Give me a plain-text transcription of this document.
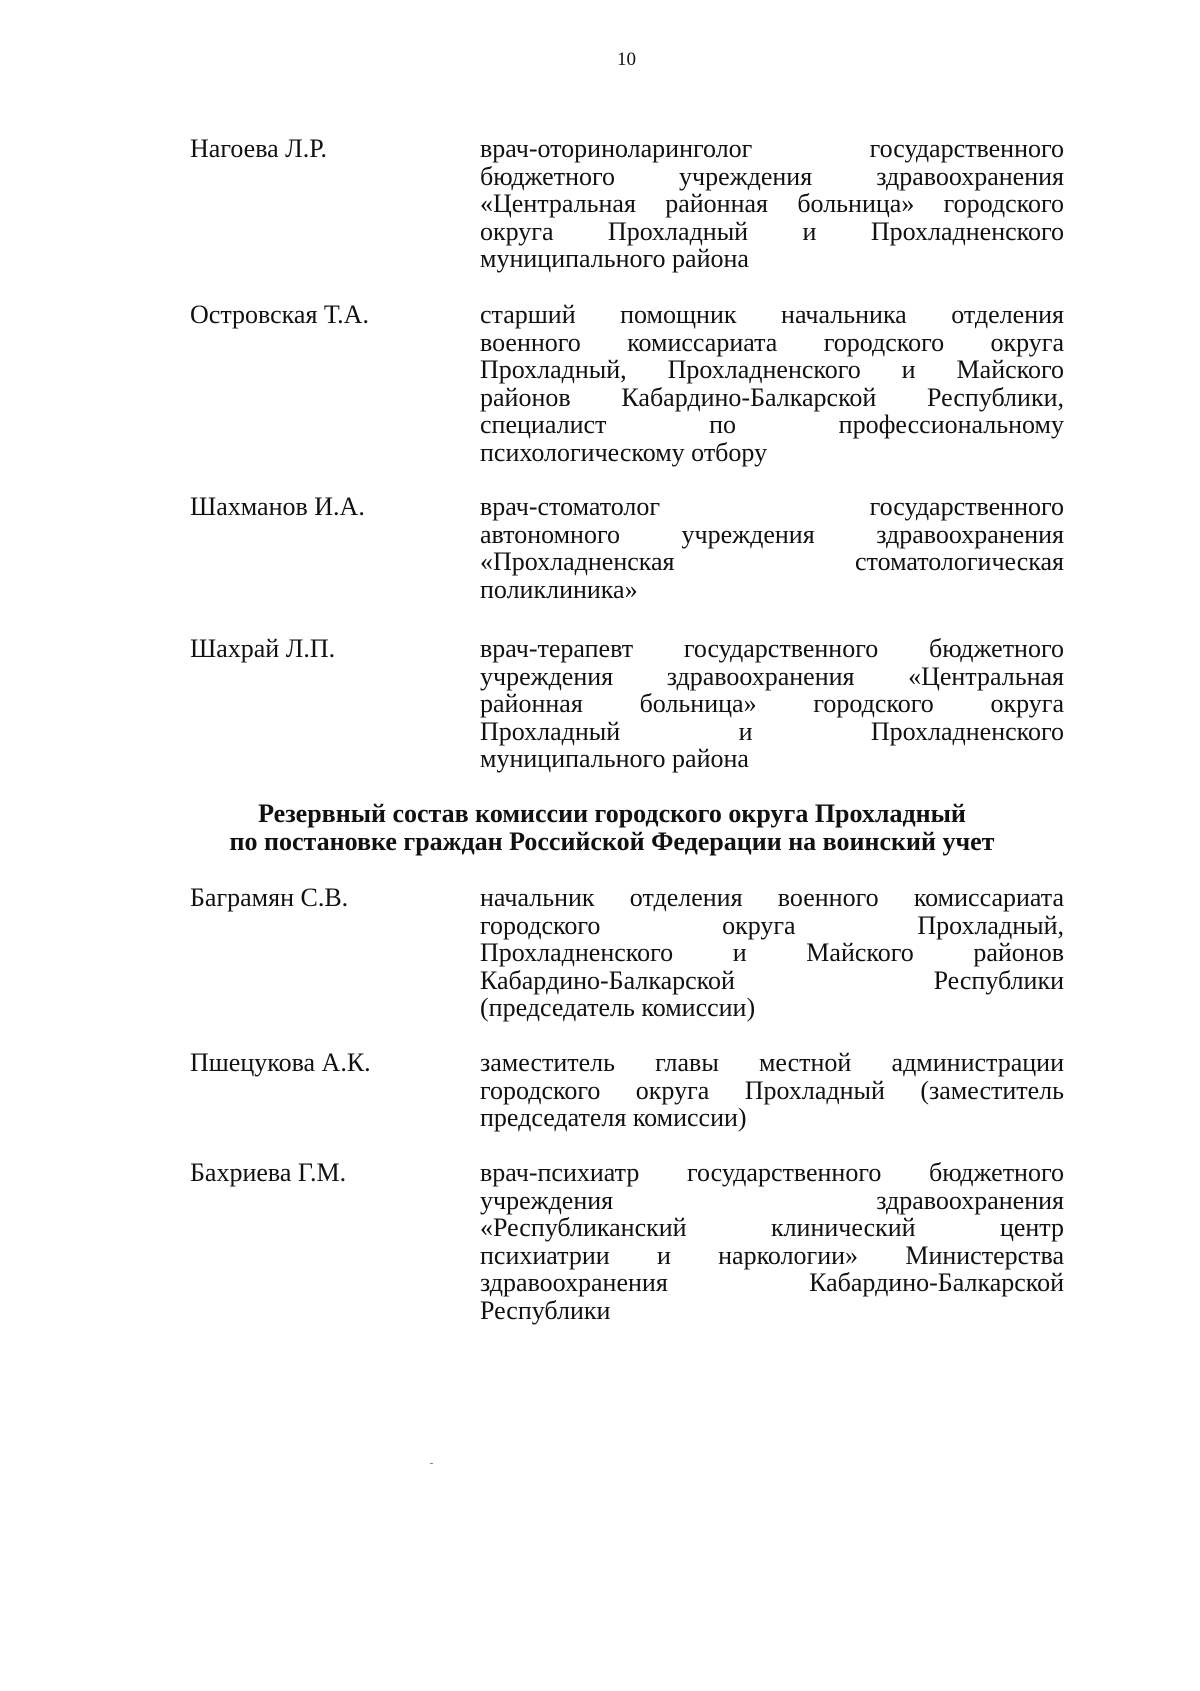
10
Нагоева Л.Р.	врач-оториноларинголог государственного
бюджетного учреждения здравоохранения
«Центральная районная больница» городского
округа Прохладный и Прохладненского
муниципального района
Островская Т.А.	старший помощник начальника отделения
военного комиссариата городского округа
Прохладный, Прохладненского и Майского
районов Кабардино-Балкарской Республики,
специалист по профессиональному
психологическому отбору
Шахманов И.А.	врач-стоматолог государственного
автономного учреждения здравоохранения
«Прохладненская стоматологическая
поликлиника»
Шахрай Л.П.	врач-терапевт государственного бюджетного
учреждения здравоохранения «Центральная
районная больница» городского округа
Прохладный и Прохладненского
муниципального района
Резервный состав комиссии городского округа Прохладный
по постановке граждан Российской Федерации на воинский учет
Баграмян С.В.	начальник отделения военного комиссариата
городского округа Прохладный,
Прохладненского и Майского районов
Кабардино-Балкарской Республики
(председатель комиссии)
Пшецукова А.К.	заместитель главы местной администрации
городского округа Прохладный (заместитель
председателя комиссии)
Бахриева Г.М.	врач-психиатр государственного бюджетного
учреждения здравоохранения
«Республиканский клинический центр
психиатрии и наркологии» Министерства
здравоохранения Кабардино-Балкарской
Республики
